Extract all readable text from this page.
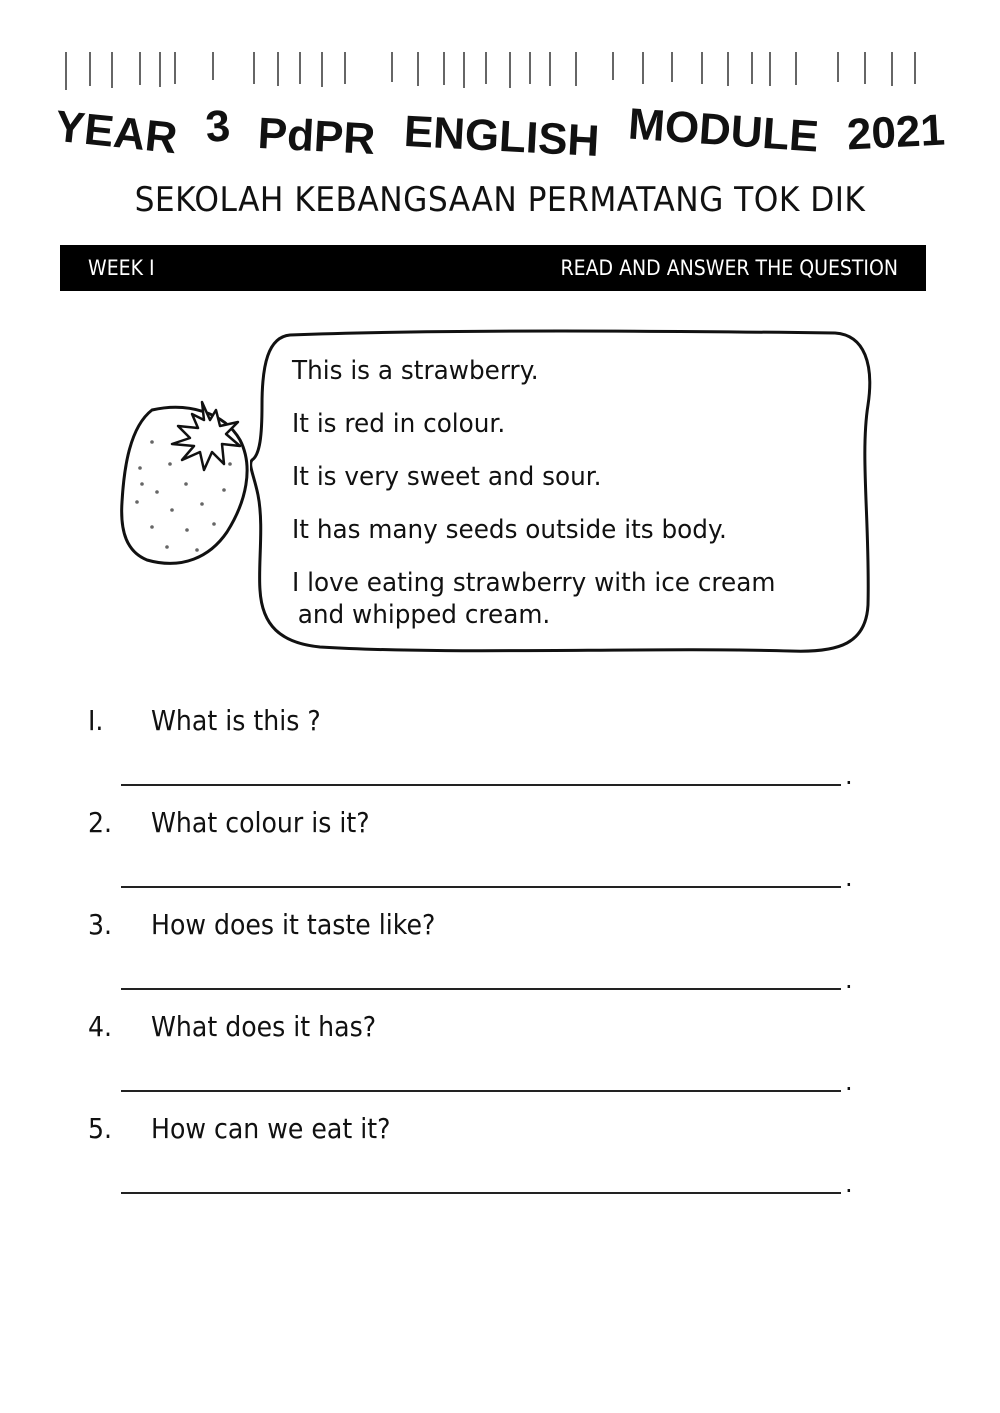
YEAR 3 PdPR ENGLISH MODULE 2021
SEKOLAH KEBANGSAAN PERMATANG TOK DIK
WEEK I	READ AND ANSWER THE QUESTION
This is a strawberry.
It is red in colour.
It is very sweet and sour.
It has many seeds outside its body.
I love eating strawberry with ice cream
and whipped cream.
I. What is this ?
.
2. What colour is it?
.
3. How does it taste like?
.
4. What does it has?
.
5. How can we eat it?
.
